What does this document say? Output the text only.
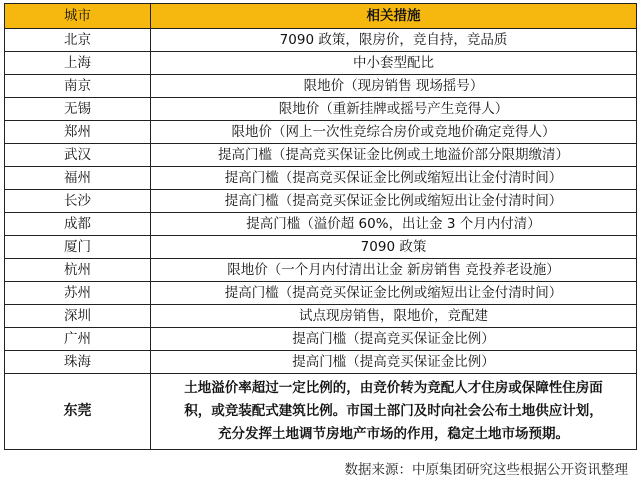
城市	相关措施
北京	7090 政策，限房价，竞自持，竞品质
上海	中小套型配比
南京	限地价（现房销售 现场摇号）
无锡	限地价（重新挂牌或摇号产生竞得人）
郑州	限地价（网上一次性竞综合房价或竞地价确定竞得人）
武汉	提高门槛（提高竞买保证金比例或土地溢价部分限期缴清）
福州	提高门槛（提高竞买保证金比例或缩短出让金付清时间）
长沙	提高门槛（提高竞买保证金比例或缩短出让金付清时间）
成都	提高门槛（溢价超 60%，出让金 3 个月内付清）
厦门	7090 政策
杭州	限地价（一个月内付清出让金 新房销售 竞投养老设施）
苏州	提高门槛（提高竞买保证金比例或缩短出让金付清时间）
深圳	试点现房销售，限地价，竞配建
广州	提高门槛（提高竞买保证金比例）
珠海	提高门槛（提高竞买保证金比例）
东莞	土地溢价率超过一定比例的，由竞价转为竞配人才住房或保障性住房面
积，或竞装配式建筑比例。市国土部门及时向社会公布土地供应计划，
充分发挥土地调节房地产市场的作用，稳定土地市场预期。
数据来源：中原集团研究这些根据公开资讯整理
